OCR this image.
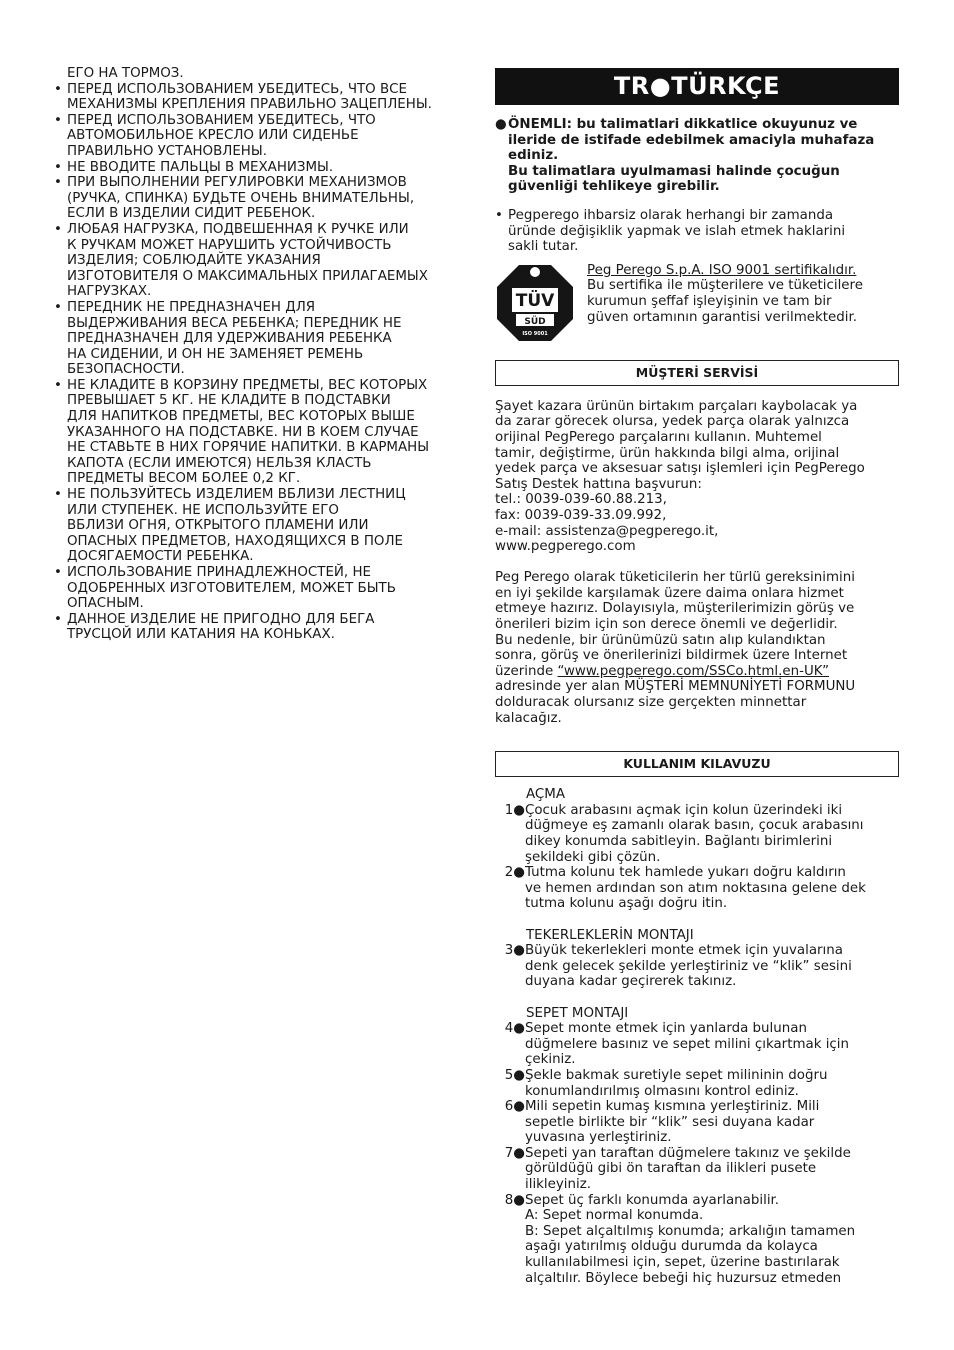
ЕГО НА ТОРМОЗ.
• ПЕРЕД ИСПОЛЬЗОВАНИЕМ УБЕДИТЕСЬ, ЧТО ВСЕ
МЕХАНИЗМЫ КРЕПЛЕНИЯ ПРАВИЛЬНО ЗАЦЕПЛЕНЫ.
• ПЕРЕД ИСПОЛЬЗОВАНИЕМ УБЕДИТЕСЬ, ЧТО
АВТОМОБИЛЬНОЕ КРЕСЛО ИЛИ СИДЕНЬЕ
ПРАВИЛЬНО УСТАНОВЛЕНЫ.
• НЕ ВВОДИТЕ ПАЛЬЦЫ В МЕХАНИЗМЫ.
• ПРИ ВЫПОЛНЕНИИ РЕГУЛИРОВКИ МЕХАНИЗМОВ
(РУЧКА, СПИНКА) БУДЬТЕ ОЧЕНЬ ВНИМАТЕЛЬНЫ,
ЕСЛИ В ИЗДЕЛИИ СИДИТ РЕБЕНОК.
• ЛЮБАЯ НАГРУЗКА, ПОДВЕШЕННАЯ К РУЧКЕ ИЛИ
К РУЧКАМ МОЖЕТ НАРУШИТЬ УСТОЙЧИВОСТЬ
ИЗДЕЛИЯ; СОБЛЮДАЙТЕ УКАЗАНИЯ
ИЗГОТОВИТЕЛЯ О МАКСИМАЛЬНЫХ ПРИЛАГАЕМЫХ
НАГРУЗКАХ.
• ПЕРЕДНИК НЕ ПРЕДНАЗНАЧЕН ДЛЯ
ВЫДЕРЖИВАНИЯ ВЕСА РЕБЕНКА; ПЕРЕДНИК НЕ
ПРЕДНАЗНАЧЕН ДЛЯ УДЕРЖИВАНИЯ РЕБЕНКА
НА СИДЕНИИ, И ОН НЕ ЗАМЕНЯЕТ РЕМЕНЬ
БЕЗОПАСНОСТИ.
• НЕ КЛАДИТЕ В КОРЗИНУ ПРЕДМЕТЫ, ВЕС КОТОРЫХ
ПРЕВЫШАЕТ 5 КГ. НЕ КЛАДИТЕ В ПОДСТАВКИ
ДЛЯ НАПИТКОВ ПРЕДМЕТЫ, ВЕС КОТОРЫХ ВЫШЕ
УКАЗАННОГО НА ПОДСТАВКЕ. НИ В КОЕМ СЛУЧАЕ
НЕ СТАВЬТЕ В НИХ ГОРЯЧИЕ НАПИТКИ. В КАРМАНЫ
КАПОТА (ЕСЛИ ИМЕЮТСЯ) НЕЛЬЗЯ КЛАСТЬ
ПРЕДМЕТЫ ВЕСОМ БОЛЕЕ 0,2 КГ.
• НЕ ПОЛЬЗУЙТЕСЬ ИЗДЕЛИЕМ ВБЛИЗИ ЛЕСТНИЦ
ИЛИ СТУПЕНЕК. НЕ ИСПОЛЬЗУЙТЕ ЕГО
ВБЛИЗИ ОГНЯ, ОТКРЫТОГО ПЛАМЕНИ ИЛИ
ОПАСНЫХ ПРЕДМЕТОВ, НАХОДЯЩИХСЯ В ПОЛЕ
ДОСЯГАЕМОСТИ РЕБЕНКА.
• ИСПОЛЬЗОВАНИЕ ПРИНАДЛЕЖНОСТЕЙ, НЕ
ОДОБРЕННЫХ ИЗГОТОВИТЕЛЕМ, МОЖЕТ БЫТЬ
ОПАСНЫМ.
• ДАННОЕ ИЗДЕЛИЕ НЕ ПРИГОДНО ДЛЯ БЕГА
ТРУСЦОЙ ИЛИ КАТАНИЯ НА КОНЬКАХ.
TR●TÜRKÇE
● ÖNEMLI: bu talimatlari dikkatlice okuyunuz ve
ileride de istifade edebilmek amaciyla muhafaza
ediniz.
Bu talimatlara uyulmamasi halinde çocuğun
güvenliği tehlikeye girebilir.
• Pegperego ihbarsiz olarak herhangi bir zamanda
üründe değişiklik yapmak ve islah etmek haklarini
sakli tutar.
TÜV
SÜD
ISO 9001
Peg Perego S.p.A. ISO 9001 sertifikalıdır.
Bu sertifika ile müşterilere ve tüketicilere
kurumun şeffaf işleyişinin ve tam bir
güven ortamının garantisi verilmektedir.
MÜŞTERİ SERVİSİ
Şayet kazara ürünün birtakım parçaları kaybolacak ya
da zarar görecek olursa, yedek parça olarak yalnızca
orijinal PegPerego parçalarını kullanın. Muhtemel
tamir, değiştirme, ürün hakkında bilgi alma, orijinal
yedek parça ve aksesuar satışı işlemleri için PegPerego
Satış Destek hattına başvurun:
tel.: 0039-039-60.88.213,
fax: 0039-039-33.09.992,
e-mail: assistenza@pegperego.it,
www.pegperego.com
Peg Perego olarak tüketicilerin her türlü gereksinimini
en iyi şekilde karşılamak üzere daima onlara hizmet
etmeye hazırız. Dolayısıyla, müşterilerimizin görüş ve
önerileri bizim için son derece önemli ve değerlidir.
Bu nedenle, bir ürünümüzü satın alıp kulandıktan
sonra, görüş ve önerilerinizi bildirmek üzere Internet
üzerinde “www.pegperego.com/SSCo.html.en-UK”
adresinde yer alan MÜŞTERİ MEMNUNİYETİ FORMUNU
dolduracak olursanız size gerçekten minnettar
kalacağız.
KULLANIM KILAVUZU
AÇMA
1● Çocuk arabasını açmak için kolun üzerindeki iki
düğmeye eş zamanlı olarak basın, çocuk arabasını
dikey konumda sabitleyin. Bağlantı birimlerini
şekildeki gibi çözün.
2● Tutma kolunu tek hamlede yukarı doğru kaldırın
ve hemen ardından son atım noktasına gelene dek
tutma kolunu aşağı doğru itin.
TEKERLEKLERİN MONTAJI
3● Büyük tekerlekleri monte etmek için yuvalarına
denk gelecek şekilde yerleştiriniz ve “klik” sesini
duyana kadar geçirerek takınız.
SEPET MONTAJI
4● Sepet monte etmek için yanlarda bulunan
düğmelere basınız ve sepet milini çıkartmak için
çekiniz.
5● Şekle bakmak suretiyle sepet milininin doğru
konumlandırılmış olmasını kontrol ediniz.
6● Mili sepetin kumaş kısmına yerleştiriniz. Mili
sepetle birlikte bir “klik” sesi duyana kadar
yuvasına yerleştiriniz.
7● Sepeti yan taraftan düğmelere takınız ve şekilde
görüldüğü gibi ön taraftan da ilikleri pusete
ilikleyiniz.
8● Sepet üç farklı konumda ayarlanabilir.
A: Sepet normal konumda.
B: Sepet alçaltılmış konumda; arkalığın tamamen
aşağı yatırılmış olduğu durumda da kolayca
kullanılabilmesi için, sepet, üzerine bastırılarak
alçaltılır. Böylece bebeği hiç huzursuz etmeden
